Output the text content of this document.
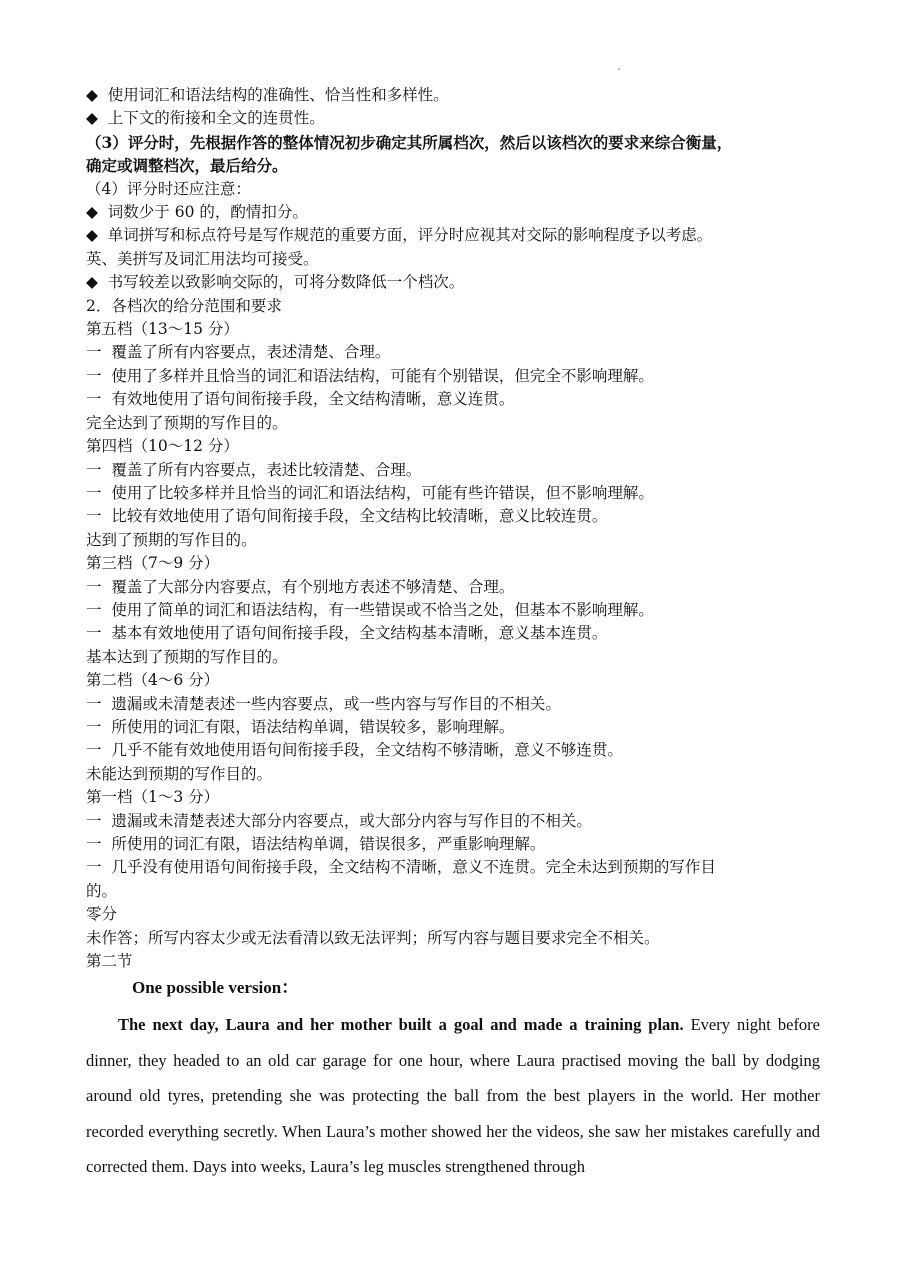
◆  使用词汇和语法结构的准确性、恰当性和多样性。

◆  上下文的衔接和全文的连贯性。

（3）评分时，先根据作答的整体情况初步确定其所属档次，然后以该档次的要求来综合衡量，

确定或调整档次，最后给分。

（4）评分时还应注意：

◆  词数少于 60 的，酌情扣分。

◆  单词拼写和标点符号是写作规范的重要方面，评分时应视其对交际的影响程度予以考虑。

英、美拼写及词汇用法均可接受。

◆  书写较差以致影响交际的，可将分数降低一个档次。

2．各档次的给分范围和要求

第五档（13～15 分）

一  覆盖了所有内容要点，表述清楚、合理。

一  使用了多样并且恰当的词汇和语法结构，可能有个别错误，但完全不影响理解。

一  有效地使用了语句间衔接手段，全文结构清晰，意义连贯。

完全达到了预期的写作目的。

第四档（10～12 分）

一  覆盖了所有内容要点，表述比较清楚、合理。

一  使用了比较多样并且恰当的词汇和语法结构，可能有些许错误，但不影响理解。

一  比较有效地使用了语句间衔接手段，全文结构比较清晰，意义比较连贯。

达到了预期的写作目的。

第三档（7～9 分）

一  覆盖了大部分内容要点，有个别地方表述不够清楚、合理。

一  使用了简单的词汇和语法结构，有一些错误或不恰当之处，但基本不影响理解。

一  基本有效地使用了语句间衔接手段，全文结构基本清晰，意义基本连贯。

基本达到了预期的写作目的。

第二档（4～6 分）

一  遗漏或未清楚表述一些内容要点，或一些内容与写作目的不相关。

一  所使用的词汇有限，语法结构单调，错误较多，影响理解。

一  几乎不能有效地使用语句间衔接手段，全文结构不够清晰，意义不够连贯。

未能达到预期的写作目的。

第一档（1～3 分）

一  遗漏或未清楚表述大部分内容要点，或大部分内容与写作目的不相关。

一  所使用的词汇有限，语法结构单调，错误很多，严重影响理解。

一  几乎没有使用语句间衔接手段，全文结构不清晰，意义不连贯。完全未达到预期的写作目

的。

零分

未作答；所写内容太少或无法看清以致无法评判；所写内容与题目要求完全不相关。

第二节

One possible version：

The next day, Laura and her mother built a goal and made a training plan. Every night before dinner, they headed to an old car garage for one hour, where Laura practised moving the ball by dodging around old tyres, pretending she was protecting the ball from the best players in the world. Her mother recorded everything secretly. When Laura’s mother showed her the videos, she saw her mistakes carefully and corrected them. Days into weeks, Laura’s leg muscles strengthened through
